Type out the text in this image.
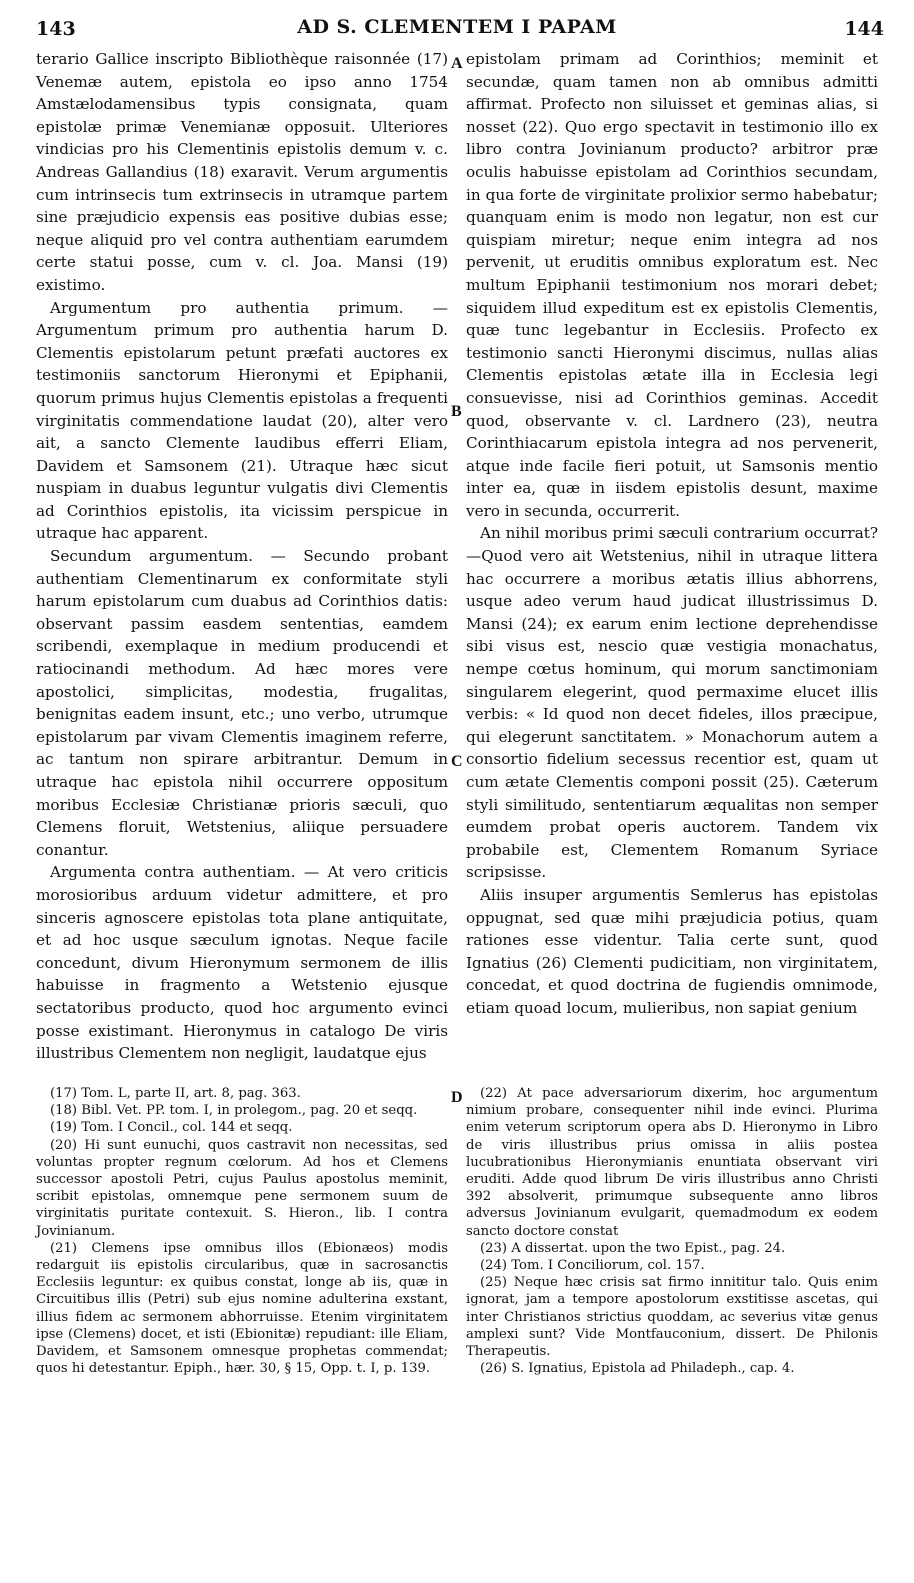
143	AD S. CLEMENTEM I PAPAM	144

terario Gallice inscripto Bibliothèque raisonnée (17) Venemæ autem, epistola eo ipso anno 1754 Amstælodamensibus typis consignata, quam epistolæ primæ Venemianæ opposuit. Ulteriores vindicias pro his Clementinis epistolis demum v. c. Andreas Gallandius (18) exaravit. Verum argumentis cum intrinsecis tum extrinsecis in utramque partem sine præjudicio expensis eas positive dubias esse; neque aliquid pro vel contra authentiam earumdem certe statui posse, cum v. cl. Joa. Mansi (19) existimo.

Argumentum pro authentia primum. — Argumentum primum pro authentia harum D. Clementis epistolarum petunt præfati auctores ex testimoniis sanctorum Hieronymi et Epiphanii, quorum primus hujus Clementis epistolas a frequenti virginitatis commendatione laudat (20), alter vero ait, a sancto Clemente laudibus efferri Eliam, Davidem et Samsonem (21). Utraque hæc sicut nuspiam in duabus leguntur vulgatis divi Clementis ad Corinthios epistolis, ita vicissim perspicue in utraque hac apparent.

Secundum argumentum. — Secundo probant authentiam Clementinarum ex conformitate styli harum epistolarum cum duabus ad Corinthios datis: observant passim easdem sententias, eamdem scribendi, exemplaque in medium producendi et ratiocinandi methodum. Ad hæc mores vere apostolici, simplicitas, modestia, frugalitas, benignitas eadem insunt, etc.; uno verbo, utrumque epistolarum par vivam Clementis imaginem referre, ac tantum non spirare arbitrantur. Demum in utraque hac epistola nihil occurrere oppositum moribus Ecclesiæ Christianæ prioris sæculi, quo Clemens floruit, Wetstenius, aliique persuadere conantur.

Argumenta contra authentiam. — At vero criticis morosioribus arduum videtur admittere, et pro sinceris agnoscere epistolas tota plane antiquitate, et ad hoc usque sæculum ignotas. Neque facile concedunt, divum Hieronymum sermonem de illis habuisse in fragmento a Wetstenio ejusque sectatoribus producto, quod hoc argumento evinci posse existimant. Hieronymus in catalogo De viris illustribus Clementem non negligit, laudatque ejus

A
B
C
D

epistolam primam ad Corinthios; meminit et secundæ, quam tamen non ab omnibus admitti affirmat. Profecto non siluisset et geminas alias, si nosset (22). Quo ergo spectavit in testimonio illo ex libro contra Jovinianum producto? arbitror præ oculis habuisse epistolam ad Corinthios secundam, in qua forte de virginitate prolixior sermo habebatur; quanquam enim is modo non legatur, non est cur quispiam miretur; neque enim integra ad nos pervenit, ut eruditis omnibus exploratum est. Nec multum Epiphanii testimonium nos morari debet; siquidem illud expeditum est ex epistolis Clementis, quæ tunc legebantur in Ecclesiis. Profecto ex testimonio sancti Hieronymi discimus, nullas alias Clementis epistolas ætate illa in Ecclesia legi consuevisse, nisi ad Corinthios geminas. Accedit quod, observante v. cl. Lardnero (23), neutra Corinthiacarum epistola integra ad nos pervenerit, atque inde facile fieri potuit, ut Samsonis mentio inter ea, quæ in iisdem epistolis desunt, maxime vero in secunda, occurrerit.

An nihil moribus primi sæculi contrarium occurrat? —Quod vero ait Wetstenius, nihil in utraque littera hac occurrere a moribus ætatis illius abhorrens, usque adeo verum haud judicat illustrissimus D. Mansi (24); ex earum enim lectione deprehendisse sibi visus est, nescio quæ vestigia monachatus, nempe cœtus hominum, qui morum sanctimoniam singularem elegerint, quod permaxime elucet illis verbis: « Id quod non decet fideles, illos præcipue, qui elegerunt sanctitatem. » Monachorum autem a consortio fidelium secessus recentior est, quam ut cum ætate Clementis componi possit (25). Cæterum styli similitudo, sententiarum æqualitas non semper eumdem probat operis auctorem. Tandem vix probabile est, Clementem Romanum Syriace scripsisse.

Aliis insuper argumentis Semlerus has epistolas oppugnat, sed quæ mihi præjudicia potius, quam rationes esse videntur. Talia certe sunt, quod Ignatius (26) Clementi pudicitiam, non virginitatem, concedat, et quod doctrina de fugiendis omnimode, etiam quoad locum, mulieribus, non sapiat genium

(17) Tom. L, parte II, art. 8, pag. 363.

(18) Bibl. Vet. PP. tom. I, in prolegom., pag. 20 et seqq.

(19) Tom. I Concil., col. 144 et seqq.

(20) Hi sunt eunuchi, quos castravit non necessitas, sed voluntas propter regnum cœlorum. Ad hos et Clemens successor apostoli Petri, cujus Paulus apostolus meminit, scribit epistolas, omnemque pene sermonem suum de virginitatis puritate contexuit. S. Hieron., lib. I contra Jovinianum.

(21) Clemens ipse omnibus illos (Ebionæos) modis redarguit iis epistolis circularibus, quæ in sacrosanctis Ecclesiis leguntur: ex quibus constat, longe ab iis, quæ in Circuitibus illis (Petri) sub ejus nomine adulterina exstant, illius fidem ac sermonem abhorruisse. Etenim virginitatem ipse (Clemens) docet, et isti (Ebionitæ) repudiant: ille Eliam, Davidem, et Samsonem omnesque prophetas commendat; quos hi detestantur. Epiph., hær. 30, § 15, Opp. t. I, p. 139.

(22) At pace adversariorum dixerim, hoc argumentum nimium probare, consequenter nihil inde evinci. Plurima enim veterum scriptorum opera abs D. Hieronymo in Libro de viris illustribus prius omissa in aliis postea lucubrationibus Hieronymianis enuntiata observant viri eruditi. Adde quod librum De viris illustribus anno Christi 392 absolverit, primumque subsequente anno libros adversus Jovinianum evulgarit, quemadmodum ex eodem sancto doctore constat

(23) A dissertat. upon the two Epist., pag. 24.

(24) Tom. I Conciliorum, col. 157.

(25) Neque hæc crisis sat firmo innititur talo. Quis enim ignorat, jam a tempore apostolorum exstitisse ascetas, qui inter Christianos strictius quoddam, ac severius vitæ genus amplexi sunt? Vide Montfauconium, dissert. De Philonis Therapeutis.

(26) S. Ignatius, Epistola ad Philadeph., cap. 4.
